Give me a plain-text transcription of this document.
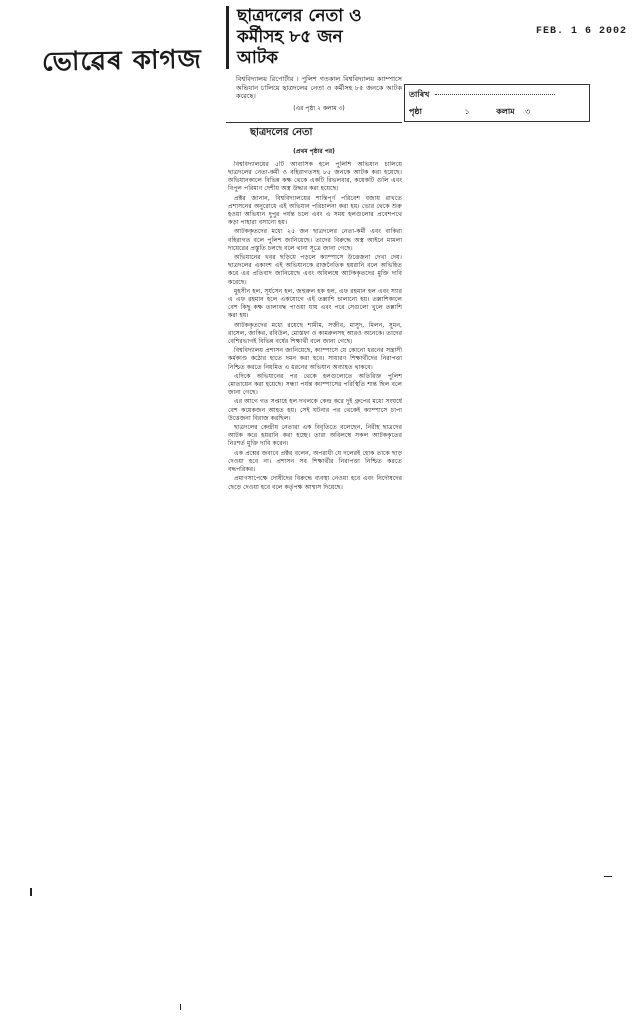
ভোৱেৰ কাগজ
FEB. 1 6 2002
তাৰিখ
পৃষ্ঠা	১	কলাম ৩
ছাত্রদলের নেতা ও
কর্মীসহ ৮৫ জন
আটক

বিশ্ববিদ্যালয় রিপোর্টার । পুলিশ গতকাল বিশ্ববিদ্যালয় ক্যাম্পাসে অভিযান চালিয়ে ছাত্রদলের নেতা ও কর্মীসহ ৮৫ জনকে আটক করেছে।

(এর পৃষ্ঠা ২ কলাম ৩)

ছাত্রদলের নেতা

(প্রথম পৃষ্ঠার পর)

বিশ্ববিদ্যালয়ের ৫টি আবাসিক হলে পুলিশি অভিযান চালিয়ে ছাত্রদলের নেতা-কর্মী ও বহিরাগতসহ ৮৫ জনকে আটক করা হয়েছে। অভিযানকালে বিভিন্ন কক্ষ থেকে একটি রিভলবার, কয়েকটি গুলি এবং বিপুল পরিমাণ দেশীয় অস্ত্র উদ্ধার করা হয়েছে।

প্রক্টর জানান, বিশ্ববিদ্যালয়ের শান্তিপূর্ণ পরিবেশ বজায় রাখতে প্রশাসনের অনুরোধে এই অভিযান পরিচালনা করা হয়। ভোর থেকে শুরু হওয়া অভিযান দুপুর পর্যন্ত চলে এবং এ সময় হলগুলোর প্রবেশপথে কড়া পাহারা বসানো হয়।

আটককৃতদের মধ্যে ২৫ জন ছাত্রদলের নেতা-কর্মী এবং বাকিরা বহিরাগত বলে পুলিশ জানিয়েছে। তাদের বিরুদ্ধে অস্ত্র আইনে মামলা দায়েরের প্রস্তুতি চলছে বলে থানা সূত্রে জানা গেছে।

অভিযানের খবর ছড়িয়ে পড়লে ক্যাম্পাসে উত্তেজনা দেখা দেয়। ছাত্রদলের একাংশ এই অভিযানকে রাজনৈতিক হয়রানি বলে অভিহিত করে এর প্রতিবাদ জানিয়েছে এবং অবিলম্বে আটককৃতদের মুক্তি দাবি করেছে।

মুহসীন হল, সূর্যসেন হল, জহুরুল হক হল, এফ রহমান হল এবং স্যার এ এফ রহমান হলে একযোগে এই তল্লাশি চালানো হয়। তল্লাশিকালে বেশ কিছু কক্ষ তালাবদ্ধ পাওয়া যায় এবং পরে সেগুলো খুলে তল্লাশি করা হয়।

আটককৃতদের মধ্যে রয়েছে শামীম, সজীব, মাসুদ, মিলন, সুমন, রাসেল, জাকির, রবিউল, মোস্তফা ও কামরুলসহ আরও অনেকে। তাদের বেশিরভাগই বিভিন্ন বর্ষের শিক্ষার্থী বলে জানা গেছে।

বিশ্ববিদ্যালয় প্রশাসন জানিয়েছে, ক্যাম্পাসে যে কোনো ধরনের সন্ত্রাসী কর্মকাণ্ড কঠোর হাতে দমন করা হবে। সাধারণ শিক্ষার্থীদের নিরাপত্তা নিশ্চিত করতে নিয়মিত এ ধরনের অভিযান অব্যাহত থাকবে।

এদিকে অভিযানের পর থেকে হলগুলোতে অতিরিক্ত পুলিশ মোতায়েন করা হয়েছে। সন্ধ্যা পর্যন্ত ক্যাম্পাসের পরিস্থিতি শান্ত ছিল বলে জানা গেছে।

এর আগে গত সপ্তাহে হল দখলকে কেন্দ্র করে দুই গ্রুপের মধ্যে সংঘর্ষে বেশ কয়েকজন আহত হয়। সেই ঘটনার পর থেকেই ক্যাম্পাসে চাপা উত্তেজনা বিরাজ করছিল।

ছাত্রদলের কেন্দ্রীয় নেতারা এক বিবৃতিতে বলেছেন, নিরীহ ছাত্রদের আটক করে হয়রানি করা হচ্ছে। তারা অবিলম্বে সকল আটককৃতের নিঃশর্ত মুক্তি দাবি করেন।

এক প্রশ্নের জবাবে প্রক্টর বলেন, অপরাধী যে দলেরই হোক তাকে ছাড় দেওয়া হবে না। প্রশাসন সব শিক্ষার্থীর নিরাপত্তা নিশ্চিত করতে বদ্ধপরিকর।

প্রমাণসাপেক্ষে দোষীদের বিরুদ্ধে ব্যবস্থা নেওয়া হবে এবং নির্দোষদের ছেড়ে দেওয়া হবে বলে কর্তৃপক্ষ আশ্বাস দিয়েছে।
